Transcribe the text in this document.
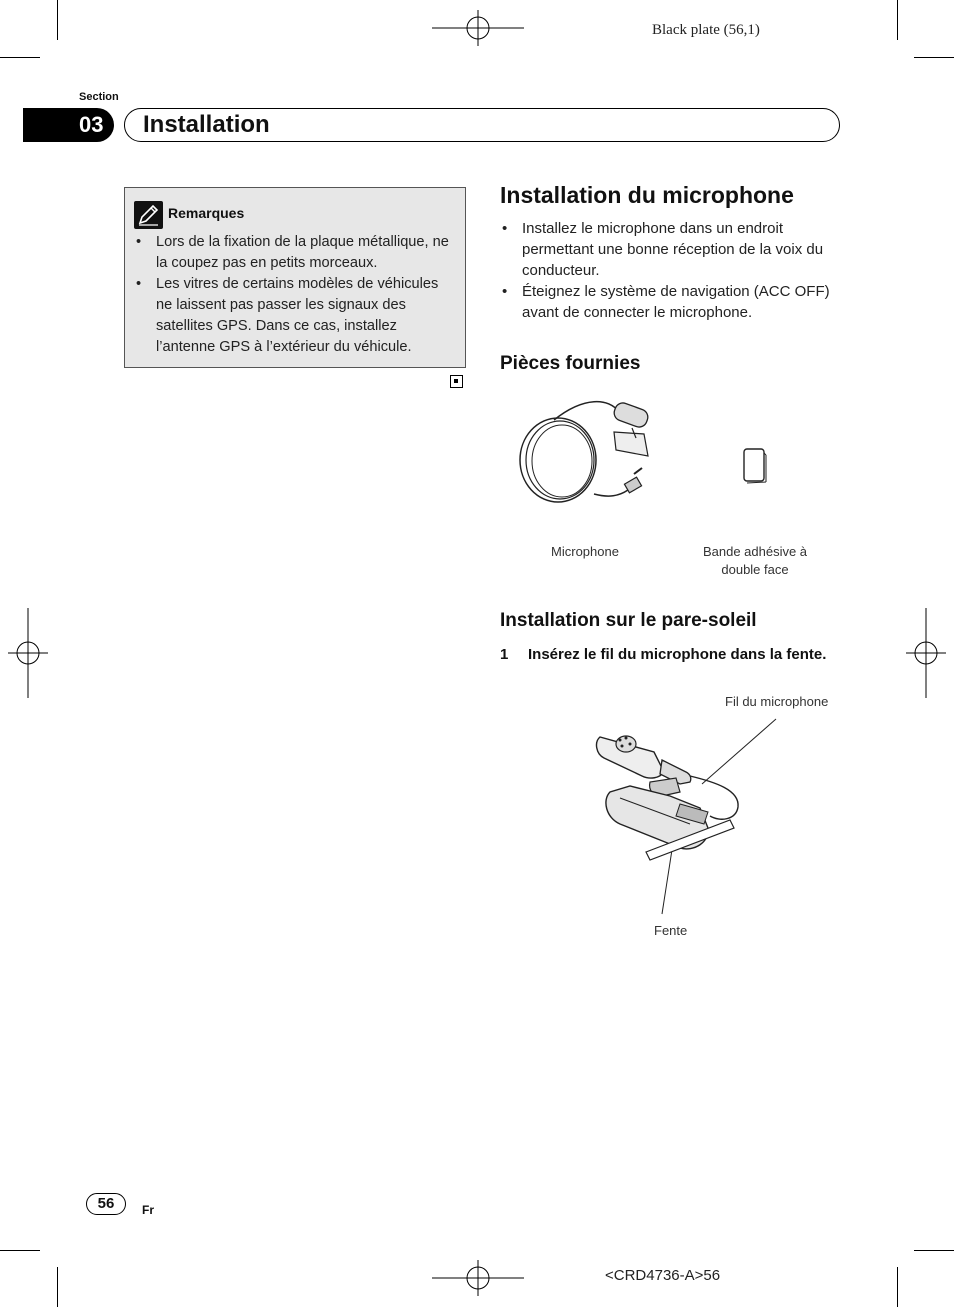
Black plate (56,1)
Section
03	Installation
Remarques
• Lors de la fixation de la plaque métallique, ne la coupez pas en petits morceaux.
• Les vitres de certains modèles de véhicules ne laissent pas passer les signaux des satellites GPS. Dans ce cas, installez l’antenne GPS à l’extérieur du véhicule.
Installation du microphone
• Installez le microphone dans un endroit permettant une bonne réception de la voix du conducteur.
• Éteignez le système de navigation (ACC OFF) avant de connecter le microphone.
Pièces fournies
Microphone	Bande adhésive à
double face
Installation sur le pare-soleil
1 Insérez le fil du microphone dans la fente.
Fil du microphone
Fente
56	Fr
<CRD4736-A>56
